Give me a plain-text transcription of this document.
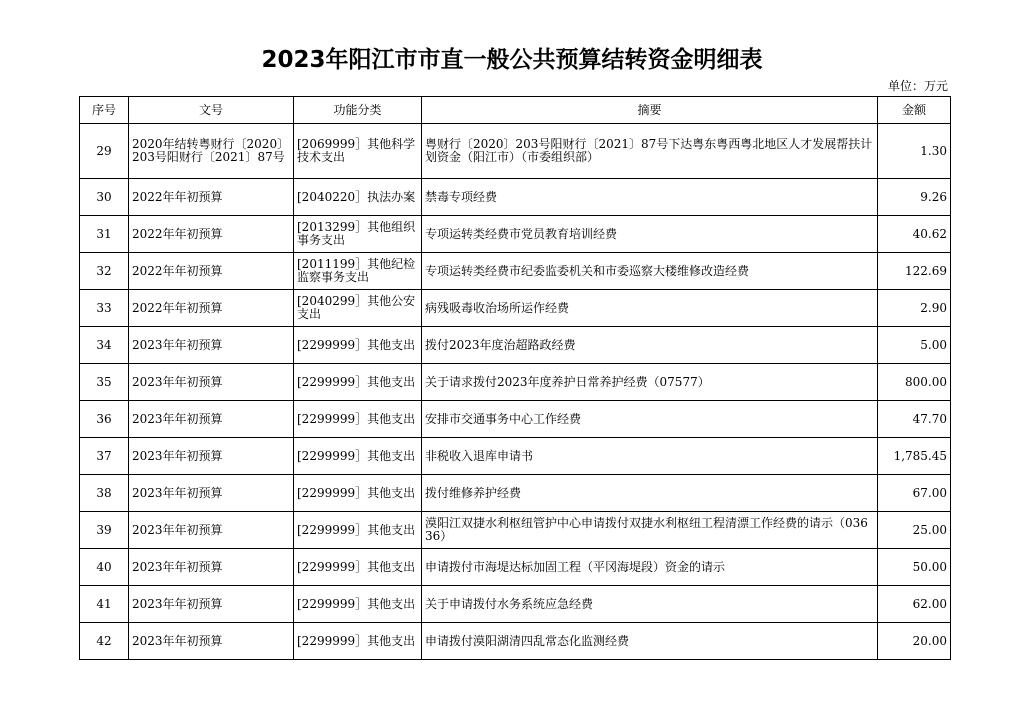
2023年阳江市市直一般公共预算结转资金明细表
单位：万元
序号	文号	功能分类	摘要	金额
29	2020年结转粤财行〔2020〕203号阳财行〔2021〕87号	[2069999］其他科学技术支出	粤财行〔2020〕203号阳财行〔2021〕87号下达粤东粤西粤北地区人才发展帮扶计划资金（阳江市）（市委组织部）	1.30
30	2022年年初预算	[2040220］执法办案	禁毒专项经费	9.26
31	2022年年初预算	[2013299］其他组织事务支出	专项运转类经费市党员教育培训经费	40.62
32	2022年年初预算	[2011199］其他纪检监察事务支出	专项运转类经费市纪委监委机关和市委巡察大楼维修改造经费	122.69
33	2022年年初预算	[2040299］其他公安支出	病残吸毒收治场所运作经费	2.90
34	2023年年初预算	[2299999］其他支出	拨付2023年度治超路政经费	5.00
35	2023年年初预算	[2299999］其他支出	关于请求拨付2023年度养护日常养护经费（07577）	800.00
36	2023年年初预算	[2299999］其他支出	安排市交通事务中心工作经费	47.70
37	2023年年初预算	[2299999］其他支出	非税收入退库申请书	1,785.45
38	2023年年初预算	[2299999］其他支出	拨付维修养护经费	67.00
39	2023年年初预算	[2299999］其他支出	漠阳江双捷水利枢纽管护中心申请拨付双捷水利枢纽工程清漂工作经费的请示（03636）	25.00
40	2023年年初预算	[2299999］其他支出	申请拨付市海堤达标加固工程（平冈海堤段）资金的请示	50.00
41	2023年年初预算	[2299999］其他支出	关于申请拨付水务系统应急经费	62.00
42	2023年年初预算	[2299999］其他支出	申请拨付漠阳湖清四乱常态化监测经费	20.00
